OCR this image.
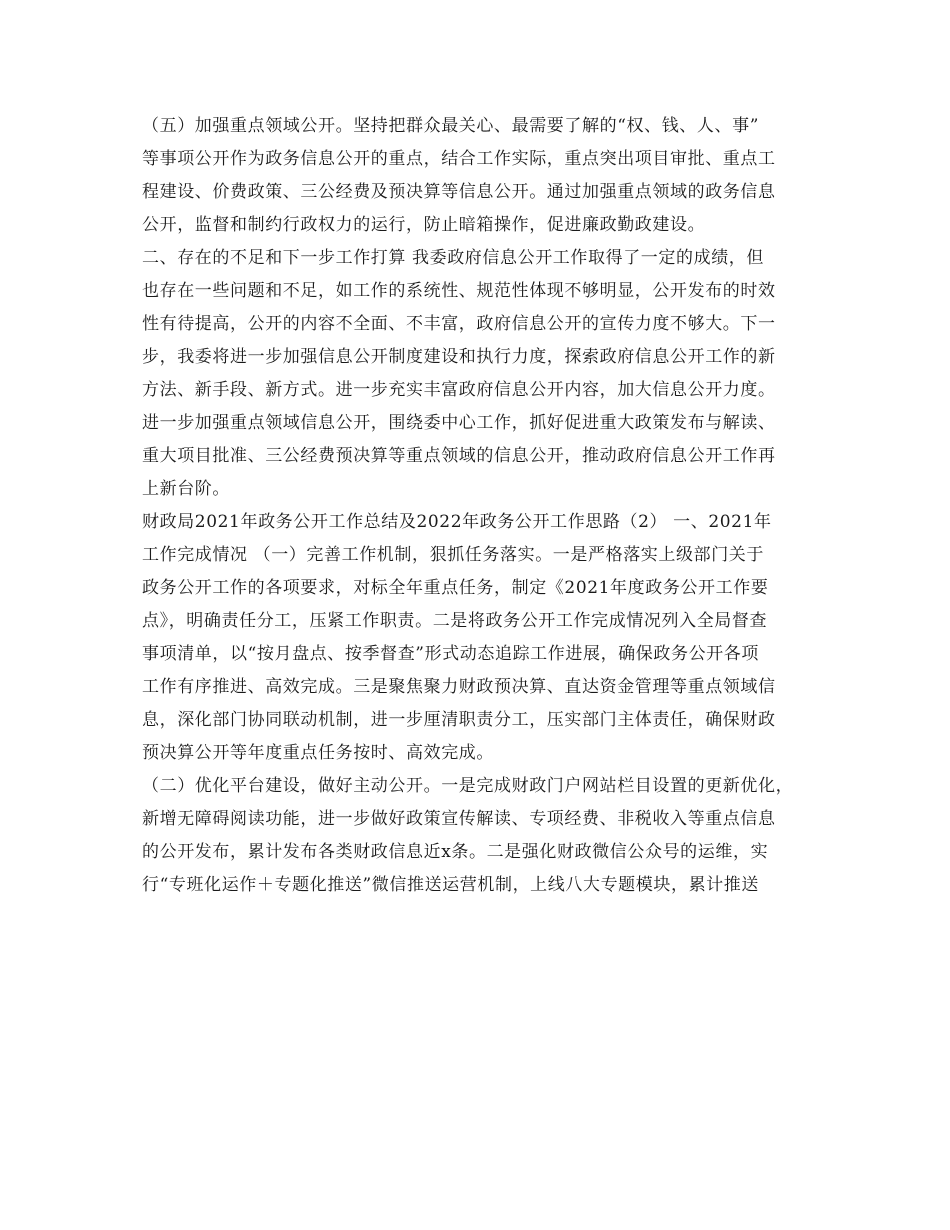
（五）加强重点领域公开。坚持把群众最关心、最需要了解的“权、钱、人、事”
等事项公开作为政务信息公开的重点，结合工作实际，重点突出项目审批、重点工
程建设、价费政策、三公经费及预决算等信息公开。通过加强重点领域的政务信息
公开，监督和制约行政权力的运行，防止暗箱操作，促进廉政勤政建设。
二、存在的不足和下一步工作打算 我委政府信息公开工作取得了一定的成绩，但
也存在一些问题和不足，如工作的系统性、规范性体现不够明显，公开发布的时效
性有待提高，公开的内容不全面、不丰富，政府信息公开的宣传力度不够大。下一
步，我委将进一步加强信息公开制度建设和执行力度，探索政府信息公开工作的新
方法、新手段、新方式。进一步充实丰富政府信息公开内容，加大信息公开力度。
进一步加强重点领域信息公开，围绕委中心工作，抓好促进重大政策发布与解读、
重大项目批准、三公经费预决算等重点领域的信息公开，推动政府信息公开工作再
上新台阶。
财政局2021年政务公开工作总结及2022年政务公开工作思路（2） 一、2021年
工作完成情况 （一）完善工作机制，狠抓任务落实。一是严格落实上级部门关于
政务公开工作的各项要求，对标全年重点任务，制定《2021年度政务公开工作要
点》，明确责任分工，压紧工作职责。二是将政务公开工作完成情况列入全局督查
事项清单，以“按月盘点、按季督查”形式动态追踪工作进展，确保政务公开各项
工作有序推进、高效完成。三是聚焦聚力财政预决算、直达资金管理等重点领域信
息，深化部门协同联动机制，进一步厘清职责分工，压实部门主体责任，确保财政
预决算公开等年度重点任务按时、高效完成。
（二）优化平台建设，做好主动公开。一是完成财政门户网站栏目设置的更新优化，
新增无障碍阅读功能，进一步做好政策宣传解读、专项经费、非税收入等重点信息
的公开发布，累计发布各类财政信息近x条。二是强化财政微信公众号的运维，实
行“专班化运作＋专题化推送”微信推送运营机制，上线八大专题模块，累计推送
